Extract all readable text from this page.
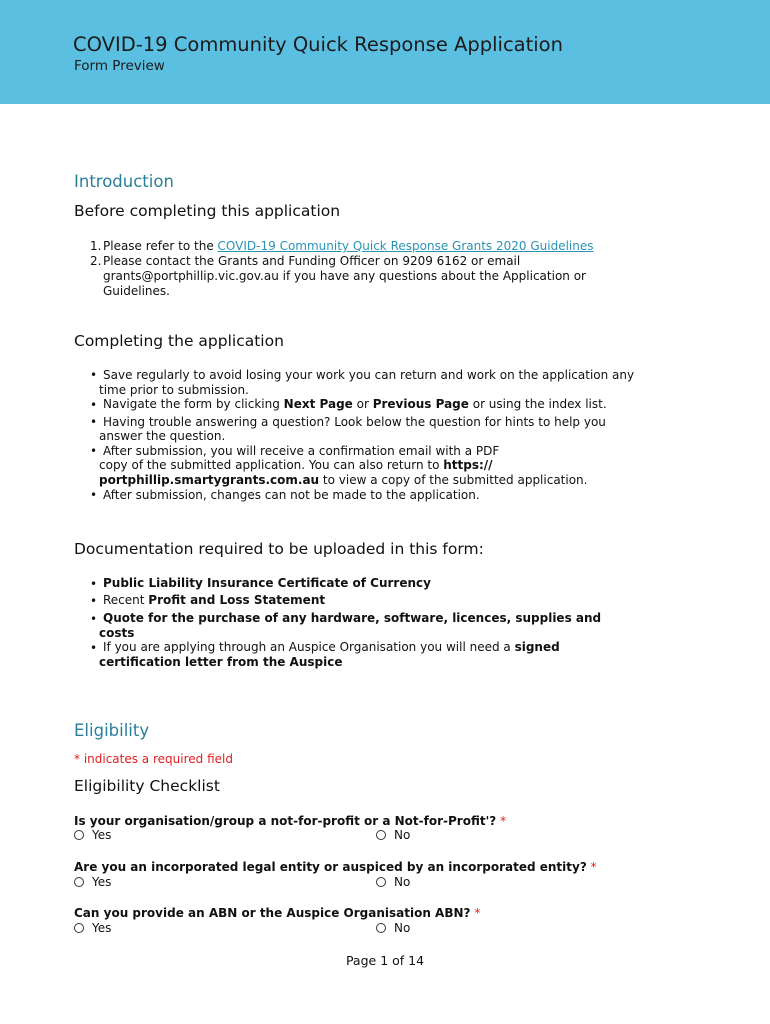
COVID-19 Community Quick Response Application
Form Preview
Introduction
Before completing this application
1. Please refer to the COVID-19 Community Quick Response Grants 2020 Guidelines
2. Please contact the Grants and Funding Officer on 9209 6162 or email
grants@portphillip.vic.gov.au if you have any questions about the Application or
Guidelines.
Completing the application
• Save regularly to avoid losing your work you can return and work on the application any
time prior to submission.
• Navigate the form by clicking Next Page or Previous Page or using the index list.
• Having trouble answering a question? Look below the question for hints to help you
answer the question.
• After submission, you will receive a confirmation email with a PDF
copy of the submitted application. You can also return to https://
portphillip.smartygrants.com.au to view a copy of the submitted application.
• After submission, changes can not be made to the application.
Documentation required to be uploaded in this form:
• Public Liability Insurance Certificate of Currency
• Recent Profit and Loss Statement
• Quote for the purchase of any hardware, software, licences, supplies and
costs
• If you are applying through an Auspice Organisation you will need a signed
certification letter from the Auspice
Eligibility
* indicates a required field
Eligibility Checklist
Is your organisation/group a not-for-profit or a Not-for-Profit'? *
Yes	No
Are you an incorporated legal entity or auspiced by an incorporated entity? *
Yes	No
Can you provide an ABN or the Auspice Organisation ABN? *
Yes	No
Page 1 of 14
